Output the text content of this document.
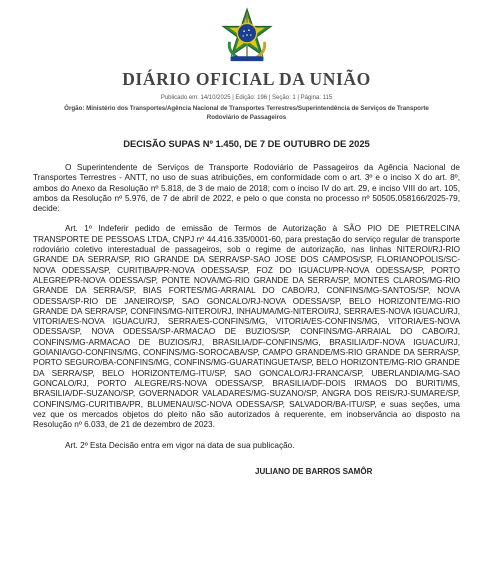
DIÁRIO OFICIAL DA UNIÃO
Publicado em: 14/10/2025 | Edição: 196 | Seção: 1 | Página: 115
Órgão: Ministério dos Transportes/Agência Nacional de Transportes Terrestres/Superintendência de Serviços de Transporte Rodoviário de Passageiros
DECISÃO SUPAS Nº 1.450, DE 7 DE OUTUBRO DE 2025

O Superintendente de Serviços de Transporte Rodoviário de Passageiros da Agência Nacional de Transportes Terrestres - ANTT, no uso de suas atribuições, em conformidade com o art. 3º e o inciso X do art. 8º, ambos do Anexo da Resolução nº 5.818, de 3 de maio de 2018; com o inciso IV do art. 29, e inciso VIII do art. 105, ambos da Resolução nº 5.976, de 7 de abril de 2022, e pelo o que consta no processo nº 50505.058166/2025-79, decide:

Art. 1º Indeferir pedido de emissão de Termos de Autorização à SÃO PIO DE PIETRELCINA TRANSPORTE DE PESSOAS LTDA, CNPJ nº 44.416.335/0001-60, para prestação do serviço regular de transporte rodoviário coletivo interestadual de passageiros, sob o regime de autorização, nas linhas NITEROI/RJ-RIO GRANDE DA SERRA/SP, RIO GRANDE DA SERRA/SP-SAO JOSE DOS CAMPOS/SP, FLORIANOPOLIS/SC-NOVA ODESSA/SP, CURITIBA/PR-NOVA ODESSA/SP, FOZ DO IGUACU/PR-NOVA ODESSA/SP, PORTO ALEGRE/PR-NOVA ODESSA/SP, PONTE NOVA/MG-RIO GRANDE DA SERRA/SP, MONTES CLAROS/MG-RIO GRANDE DA SERRA/SP, BIAS FORTES/MG-ARRAIAL DO CABO/RJ, CONFINS/MG-SANTOS/SP, NOVA ODESSA/SP-RIO DE JANEIRO/SP, SAO GONCALO/RJ-NOVA ODESSA/SP, BELO HORIZONTE/MG-RIO GRANDE DA SERRA/SP, CONFINS/MG-NITEROI/RJ, INHAUMA/MG-NITEROI/RJ, SERRA/ES-NOVA IGUACU/RJ, VITORIA/ES-NOVA IGUACU/RJ, SERRA/ES-CONFINS/MG, VITORIA/ES-CONFINS/MG, VITORIA/ES-NOVA ODESSA/SP, NOVA ODESSA/SP-ARMACAO DE BUZIOS/SP, CONFINS/MG-ARRAIAL DO CABO/RJ, CONFINS/MG-ARMACAO DE BUZIOS/RJ, BRASILIA/DF-CONFINS/MG, BRASILIA/DF-NOVA IGUACU/RJ, GOIANIA/GO-CONFINS/MG, CONFINS/MG-SOROCABA/SP, CAMPO GRANDE/MS-RIO GRANDE DA SERRA/SP, PORTO SEGURO/BA-CONFINS/MG, CONFINS/MG-GUARATINGUETA/SP, BELO HORIZONTE/MG-RIO GRANDE DA SERRA/SP, BELO HORIZONTE/MG-ITU/SP, SAO GONCALO/RJ-FRANCA/SP, UBERLANDIA/MG-SAO GONCALO/RJ, PORTO ALEGRE/RS-NOVA ODESSA/SP, BRASILIA/DF-DOIS IRMAOS DO BURITI/MS, BRASILIA/DF-SUZANO/SP, GOVERNADOR VALADARES/MG-SUZANO/SP, ANGRA DOS REIS/RJ-SUMARE/SP, CONFINS/MG-CURITIBA/PR, BLUMENAU/SC-NOVA ODESSA/SP, SALVADOR/BA-ITU/SP, e suas seções, uma vez que os mercados objetos do pleito não são autorizados à requerente, em inobservância ao disposto na Resolução nº 6.033, de 21 de dezembro de 2023.

Art. 2º Esta Decisão entra em vigor na data de sua publicação.

JULIANO DE BARROS SAMÔR
